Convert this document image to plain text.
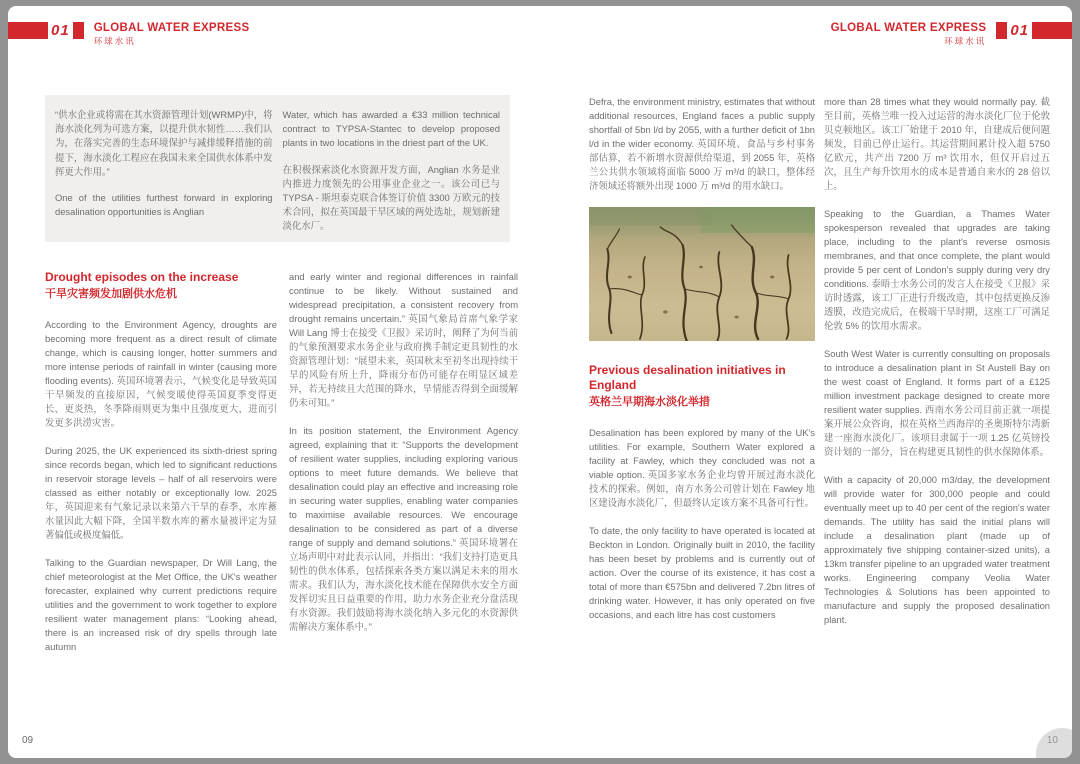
01 GLOBAL WATER EXPRESS
环球水讯
GLOBAL WATER EXPRESS
环球水讯
01

“供水企业或将需在其水资源管理计划(WRMP)中，将海水淡化列为可选方案，以提升供水韧性……我们认为，在落实完善的生态环境保护与减排缓释措施的前提下，海水淡化工程应在我国未来全国供水体系中发挥更大作用。”

One of the utilities furthest forward in exploring desalination opportunities is Anglian

Water, which has awarded a €33 million technical contract to TYPSA-Stantec to develop proposed plants in two locations in the driest part of the UK.

在积极探索淡化水资源开发方面，Anglian 水务是业内推进力度领先的公用事业企业之一。该公司已与 TYPSA - 斯坦泰克联合体签订价值 3300 万欧元的技术合同，拟在英国最干旱区域的两处选址，规划新建淡化水厂。

Drought episodes on the increase
干旱灾害频发加剧供水危机

According to the Environment Agency, droughts are becoming more frequent as a direct result of climate change, which is causing longer, hotter summers and more intense periods of rainfall in winter (causing more flooding events). 英国环境署表示，气候变化是导致英国干旱频发的直接原因，气候变暖使得英国夏季变得更长、更炎热，冬季降雨则更为集中且强度更大，进而引发更多洪涝灾害。

During 2025, the UK experienced its sixth-driest spring since records began, which led to significant reductions in reservoir storage levels – half of all reservoirs were classed as either notably or exceptionally low. 2025 年，英国迎来有气象记录以来第六干旱的春季，水库蓄水量因此大幅下降，全国半数水库的蓄水量被评定为显著偏低或极度偏低。

Talking to the Guardian newspaper, Dr Will Lang, the chief meteorologist at the Met Office, the UK's weather forecaster, explained why current predictions require utilities and the government to work together to explore resilient water management plans: “Looking ahead, there is an increased risk of dry spells through late autumn

and early winter and regional differences in rainfall continue to be likely. Without sustained and widespread precipitation, a consistent recovery from drought remains uncertain.” 英国气象局首席气象学家 Will Lang 博士在接受《卫报》采访时，阐释了为何当前的气象预测要求水务企业与政府携手制定更具韧性的水资源管理计划：“展望未来，英国秋末至初冬出现持续干旱的风险有所上升，降雨分布仍可能存在明显区域差异，若无持续且大范围的降水，旱情能否得到全面缓解仍未可知。”

In its position statement, the Environment Agency agreed, explaining that it: “Supports the development of resilient water supplies, including exploring various options to meet future demands. We believe that desalination could play an effective and increasing role in securing water supplies, enabling water companies to maximise available resources. We encourage desalination to be considered as part of a diverse range of supply and demand solutions.” 英国环境署在立场声明中对此表示认同，并指出：“我们支持打造更具韧性的供水体系，包括探索各类方案以满足未来的用水需求。我们认为，海水淡化技术能在保障供水安全方面发挥切实且日益重要的作用，助力水务企业充分盘活现有水资源。我们鼓励将海水淡化纳入多元化的水资源供需解决方案体系中。”

Defra, the environment ministry, estimates that without additional resources, England faces a public supply shortfall of 5bn l/d by 2055, with a further deficit of 1bn l/d in the wider economy. 英国环境、食品与乡村事务部估算，若不新增水资源供给渠道，到 2055 年，英格兰公共供水领域将面临 5000 万 m³/d 的缺口，整体经济领域还将额外出现 1000 万 m³/d 的用水缺口。

Previous desalination initiatives in England
英格兰早期海水淡化举措

Desalination has been explored by many of the UK's utilities. For example, Southern Water explored a facility at Fawley, which they concluded was not a viable option. 英国多家水务企业均曾开展过海水淡化技术的探索。例如，南方水务公司曾计划在 Fawley 地区建设海水淡化厂，但最终认定该方案不具备可行性。

To date, the only facility to have operated is located at Beckton in London. Originally built in 2010, the facility has been beset by problems and is currently out of action. Over the course of its existence, it has cost a total of more than €575bn and delivered 7.2bn litres of drinking water. However, it has only operated on five occasions, and each litre has cost customers

more than 28 times what they would normally pay. 截至目前，英格兰唯一投入过运营的海水淡化厂位于伦敦贝克顿地区。该工厂始建于 2010 年，自建成后便问题频发，目前已停止运行。其运营期间累计投入超 5750 亿欧元，共产出 7200 万 m³ 饮用水，但仅开启过五次，且生产每升饮用水的成本是普通自来水的 28 倍以上。

Speaking to the Guardian, a Thames Water spokesperson revealed that upgrades are taking place, including to the plant's reverse osmosis membranes, and that once complete, the plant would provide 5 per cent of London's supply during very dry conditions. 泰晤士水务公司的发言人在接受《卫报》采访时透露，该工厂正进行升级改造，其中包括更换反渗透膜，改造完成后，在极端干旱时期，这座工厂可满足伦敦 5% 的饮用水需求。

South West Water is currently consulting on proposals to introduce a desalination plant in St Austell Bay on the west coast of England. It forms part of a £125 million investment package designed to create more resilient water supplies. 西南水务公司目前正就一项提案开展公众咨询，拟在英格兰西海岸的圣奥斯特尔湾新建一座海水淡化厂。该项目隶属于一项 1.25 亿英镑投资计划的一部分，旨在构建更具韧性的供水保障体系。

With a capacity of 20,000 m3/day, the development will provide water for 300,000 people and could eventually meet up to 40 per cent of the region's water demands. The utility has said the initial plans will include a desalination plant (made up of approximately five shipping container-sized units), a 13km transfer pipeline to an upgraded water treatment works. Engineering company Veolia Water Technologies & Solutions has been appointed to manufacture and supply the proposed desalination plant.

09
